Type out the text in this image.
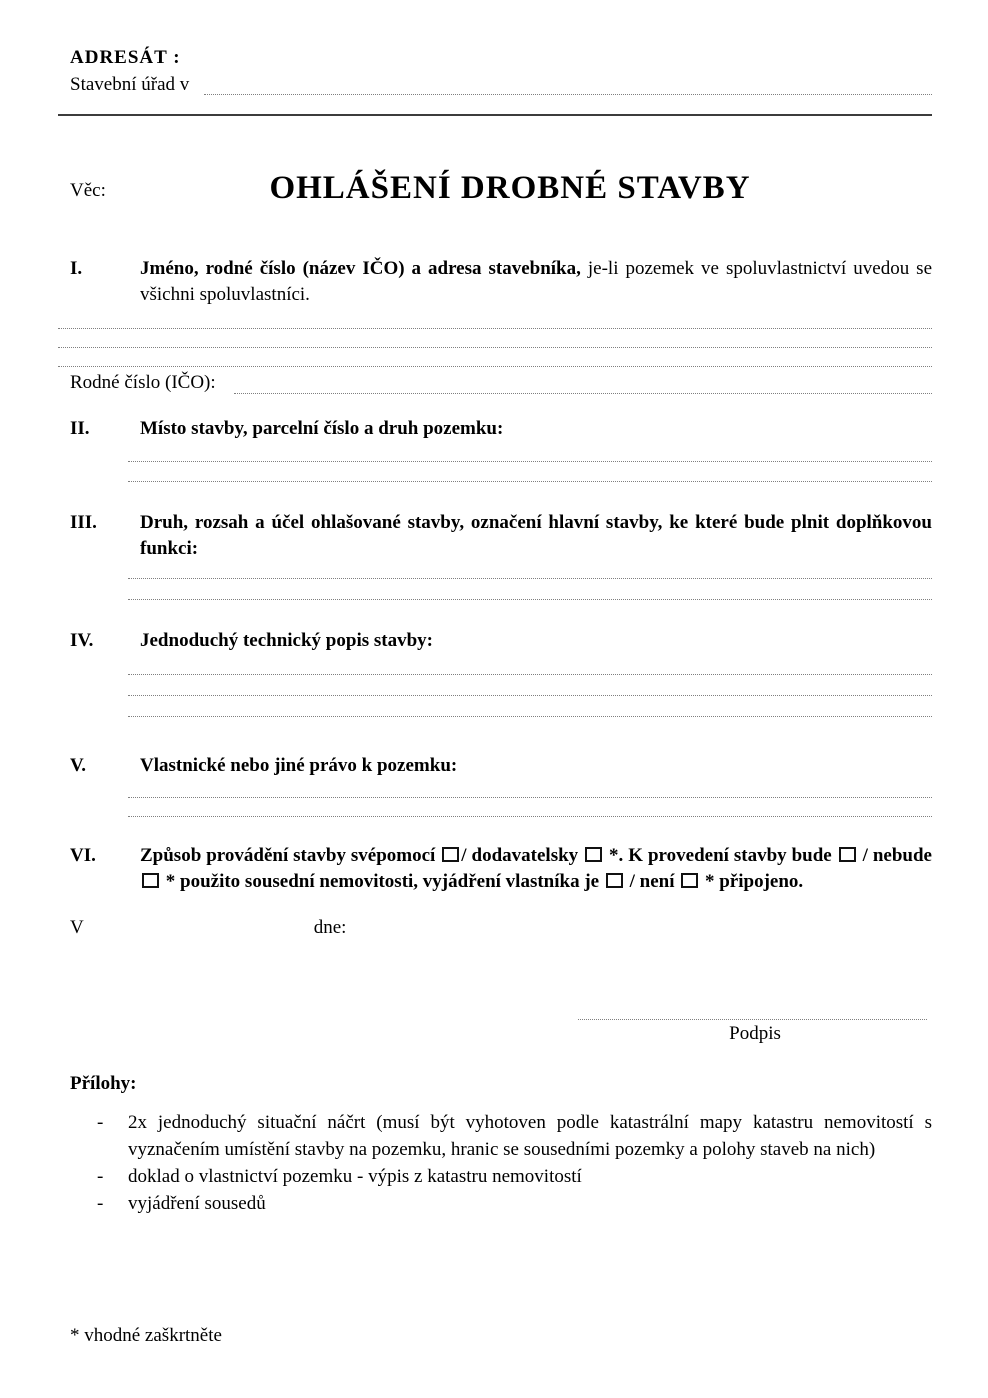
ADRESÁT :
Stavební úřad v
Věc:	OHLÁŠENÍ DROBNÉ STAVBY
I.	Jméno, rodné číslo (název IČO) a adresa stavebníka, je-li pozemek ve spoluvlastnictví uvedou se všichni spoluvlastníci.

Rodné číslo (IČO):
II.	Místo stavby, parcelní číslo a druh pozemku:

III.	Druh, rozsah a účel ohlašované stavby, označení hlavní stavby, ke které bude plnit doplňkovou funkci:

IV.	Jednoduchý technický popis stavby:

V.	Vlastnické nebo jiné právo k pozemku:

VI.	Způsob provádění stavby svépomocí / dodavatelsky  *. K provedení stavby bude  / nebude  * použito sousední nemovitosti, vyjádření vlastníka je  / není  * připojeno.

V	dne:
Podpis
Přílohy:
-	2x jednoduchý situační náčrt (musí být vyhotoven podle katastrální mapy katastru nemovitostí s vyznačením umístění stavby na pozemku, hranic se sousedními pozemky a polohy staveb na nich)

-	doklad o vlastnictví pozemku - výpis z katastru nemovitostí

-	vyjádření sousedů

* vhodné zaškrtněte
